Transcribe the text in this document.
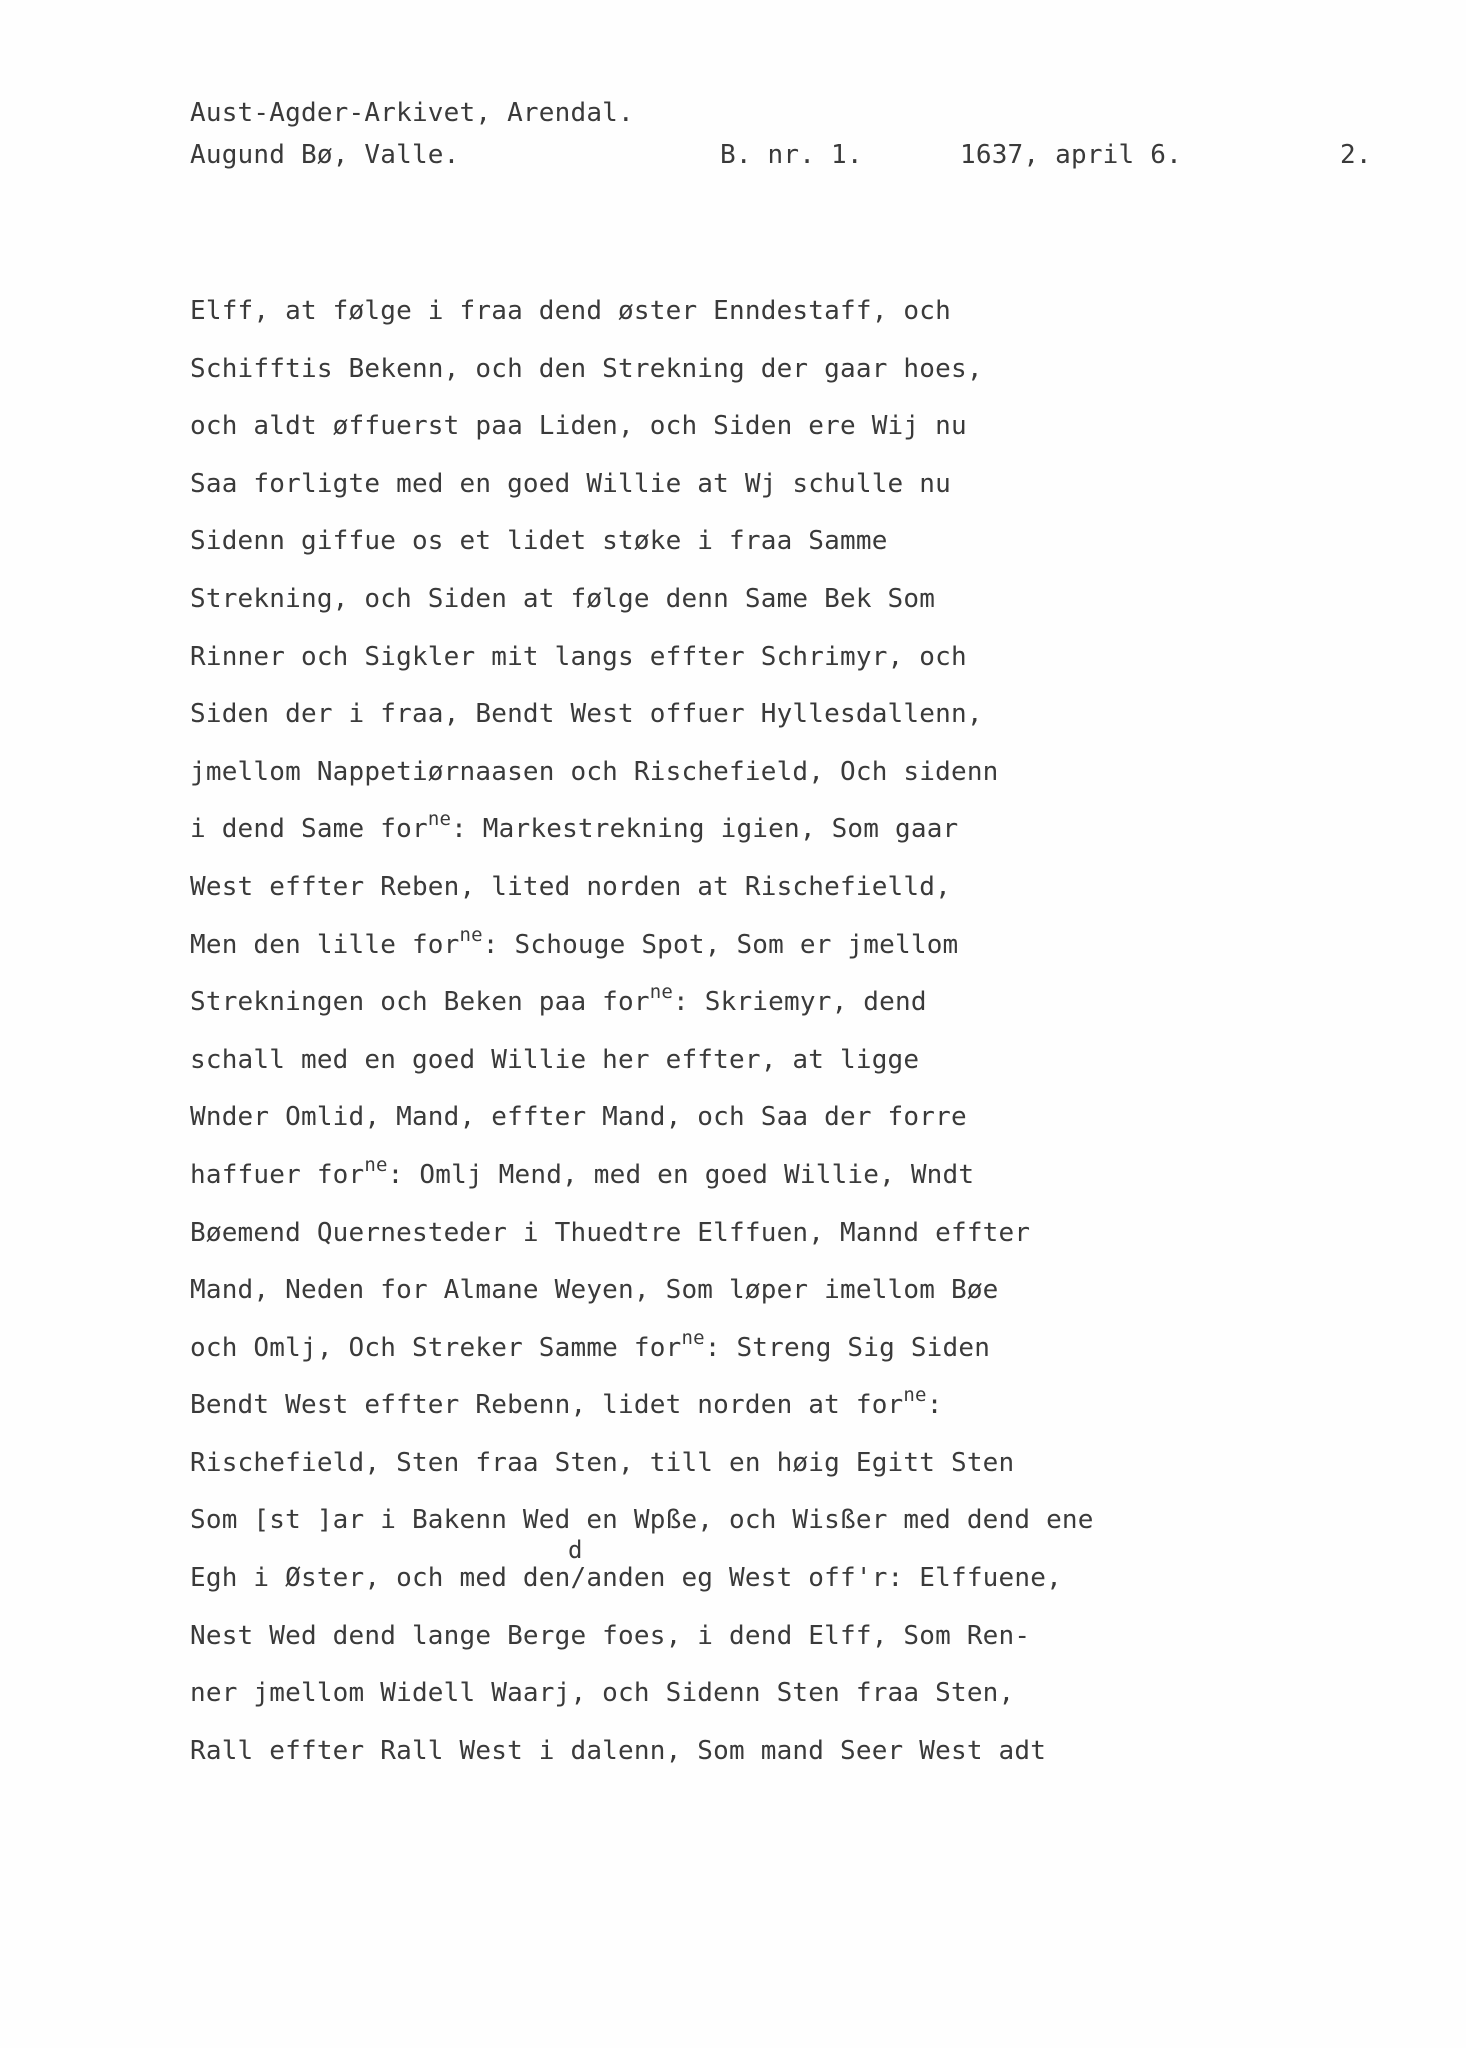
Aust-Agder-Arkivet, Arendal.
Augund Bø, Valle.	B. nr. 1.	1637, april 6.	2.
Elff, at følge i fraa dend øster Enndestaff, och
Schifftis Bekenn, och den Strekning der gaar hoes,
och aldt øffuerst paa Liden, och Siden ere Wij nu
Saa forligte med en goed Willie at Wj schulle nu
Sidenn giffue os et lidet støke i fraa Samme
Strekning, och Siden at følge denn Same Bek Som
Rinner och Sigkler mit langs effter Schrimyr, och
Siden der i fraa, Bendt West offuer Hyllesdallenn,
jmellom Nappetiørnaasen och Rischefield, Och sidenn
i dend Same for$^{ne}$: Markestrekning igien, Som gaar
West effter Reben, lited norden at Rischefielld,
Men den lille for$^{ne}$: Schouge Spot, Som er jmellom
Strekningen och Beken paa for$^{ne}$: Skriemyr, dend
schall med en goed Willie her effter, at ligge
Wnder Omlid, Mand, effter Mand, och Saa der forre
haffuer for$^{ne}$: Omlj Mend, med en goed Willie, Wndt
Bøemend Quernesteder i Thuedtre Elffuen, Mannd effter
Mand, Neden for Almane Weyen, Som løper imellom Bøe
och Omlj, Och Streker Samme for$^{ne}$: Streng Sig Siden
Bendt West effter Rebenn, lidet norden at for$^{ne}$:
Rischefield, Sten fraa Sten, till en høig Egitt Sten
Som [st ]ar i Bakenn Wed en Wpße, och Wisßer med dend ene
Egh i Øster, och med den/anden eg West off'r: Elffuene,
d
Nest Wed dend lange Berge foes, i dend Elff, Som Ren-
ner jmellom Widell Waarj, och Sidenn Sten fraa Sten,
Rall effter Rall West i dalenn, Som mand Seer West adt
